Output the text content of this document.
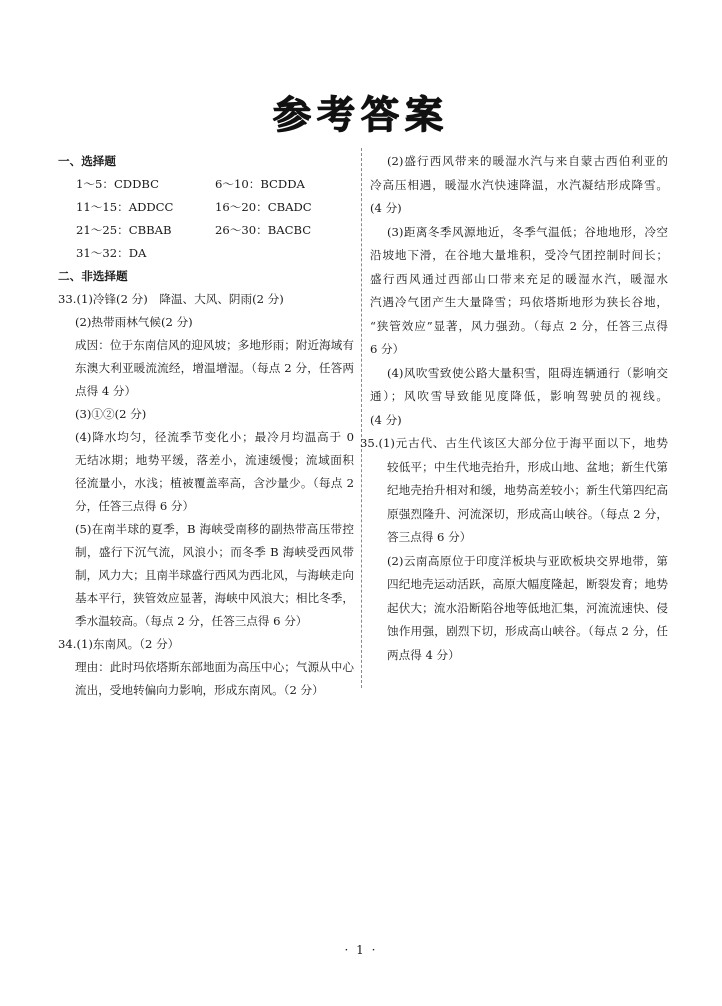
参考答案
一、选择题
1～5：CDDBC	6～10：BCDDA
11～15：ADDCC	16～20：CBADC
21～25：CBBAB	26～30：BACBC
31～32：DA
二、非选择题
33.(1)冷锋(2 分)　降温、大风、阴雨(2 分)
(2)热带雨林气候(2 分)
成因：位于东南信风的迎风坡；多地形雨；附近海域有
东澳大利亚暖流流经，增温增湿。（每点 2 分，任答两
点得 4 分）
(3)①②(2 分)
(4)降水均匀，径流季节变化小；最冷月均温高于 0
无结冰期；地势平缓，落差小，流速缓慢；流域面积
径流量小，水浅；植被覆盖率高，含沙量少。（每点 2
分，任答三点得 6 分）
(5)在南半球的夏季，B 海峡受南移的副热带高压带控
制，盛行下沉气流，风浪小；而冬季 B 海峡受西风带
制，风力大；且南半球盛行西风为西北风，与海峡走向
基本平行，狭管效应显著，海峡中风浪大；相比冬季，
季水温较高。（每点 2 分，任答三点得 6 分）
34.(1)东南风。（2 分）
理由：此时玛依塔斯东部地面为高压中心；气源从中心
流出，受地转偏向力影响，形成东南风。（2 分）
(2)盛行西风带来的暖湿水汽与来自蒙古西伯利亚的
冷高压相遇，暖湿水汽快速降温，水汽凝结形成降雪。
(4 分)
(3)距离冬季风源地近，冬季气温低；谷地地形，冷空
沿坡地下滑，在谷地大量堆积，受冷气团控制时间长；
盛行西风通过西部山口带来充足的暖湿水汽，暖湿水
汽遇冷气团产生大量降雪；玛依塔斯地形为狭长谷地，
“狭管效应”显著，风力强劲。（每点 2 分，任答三点得
6 分）
(4)风吹雪致使公路大量积雪，阻碍连辆通行（影响交
通）；风吹雪导致能见度降低，影响驾驶员的视线。
(4 分)
35.(1)元古代、古生代该区大部分位于海平面以下，地势
较低平；中生代地壳抬升，形成山地、盆地；新生代第
纪地壳抬升相对和缓，地势高差较小；新生代第四纪高
原强烈隆升、河流深切，形成高山峡谷。（每点 2 分，
答三点得 6 分）
(2)云南高原位于印度洋板块与亚欧板块交界地带，第
四纪地壳运动活跃，高原大幅度隆起，断裂发育；地势
起伏大；流水沿断陷谷地等低地汇集，河流流速快、侵
蚀作用强，剧烈下切，形成高山峡谷。（每点 2 分，任
两点得 4 分）
· 1 ·
